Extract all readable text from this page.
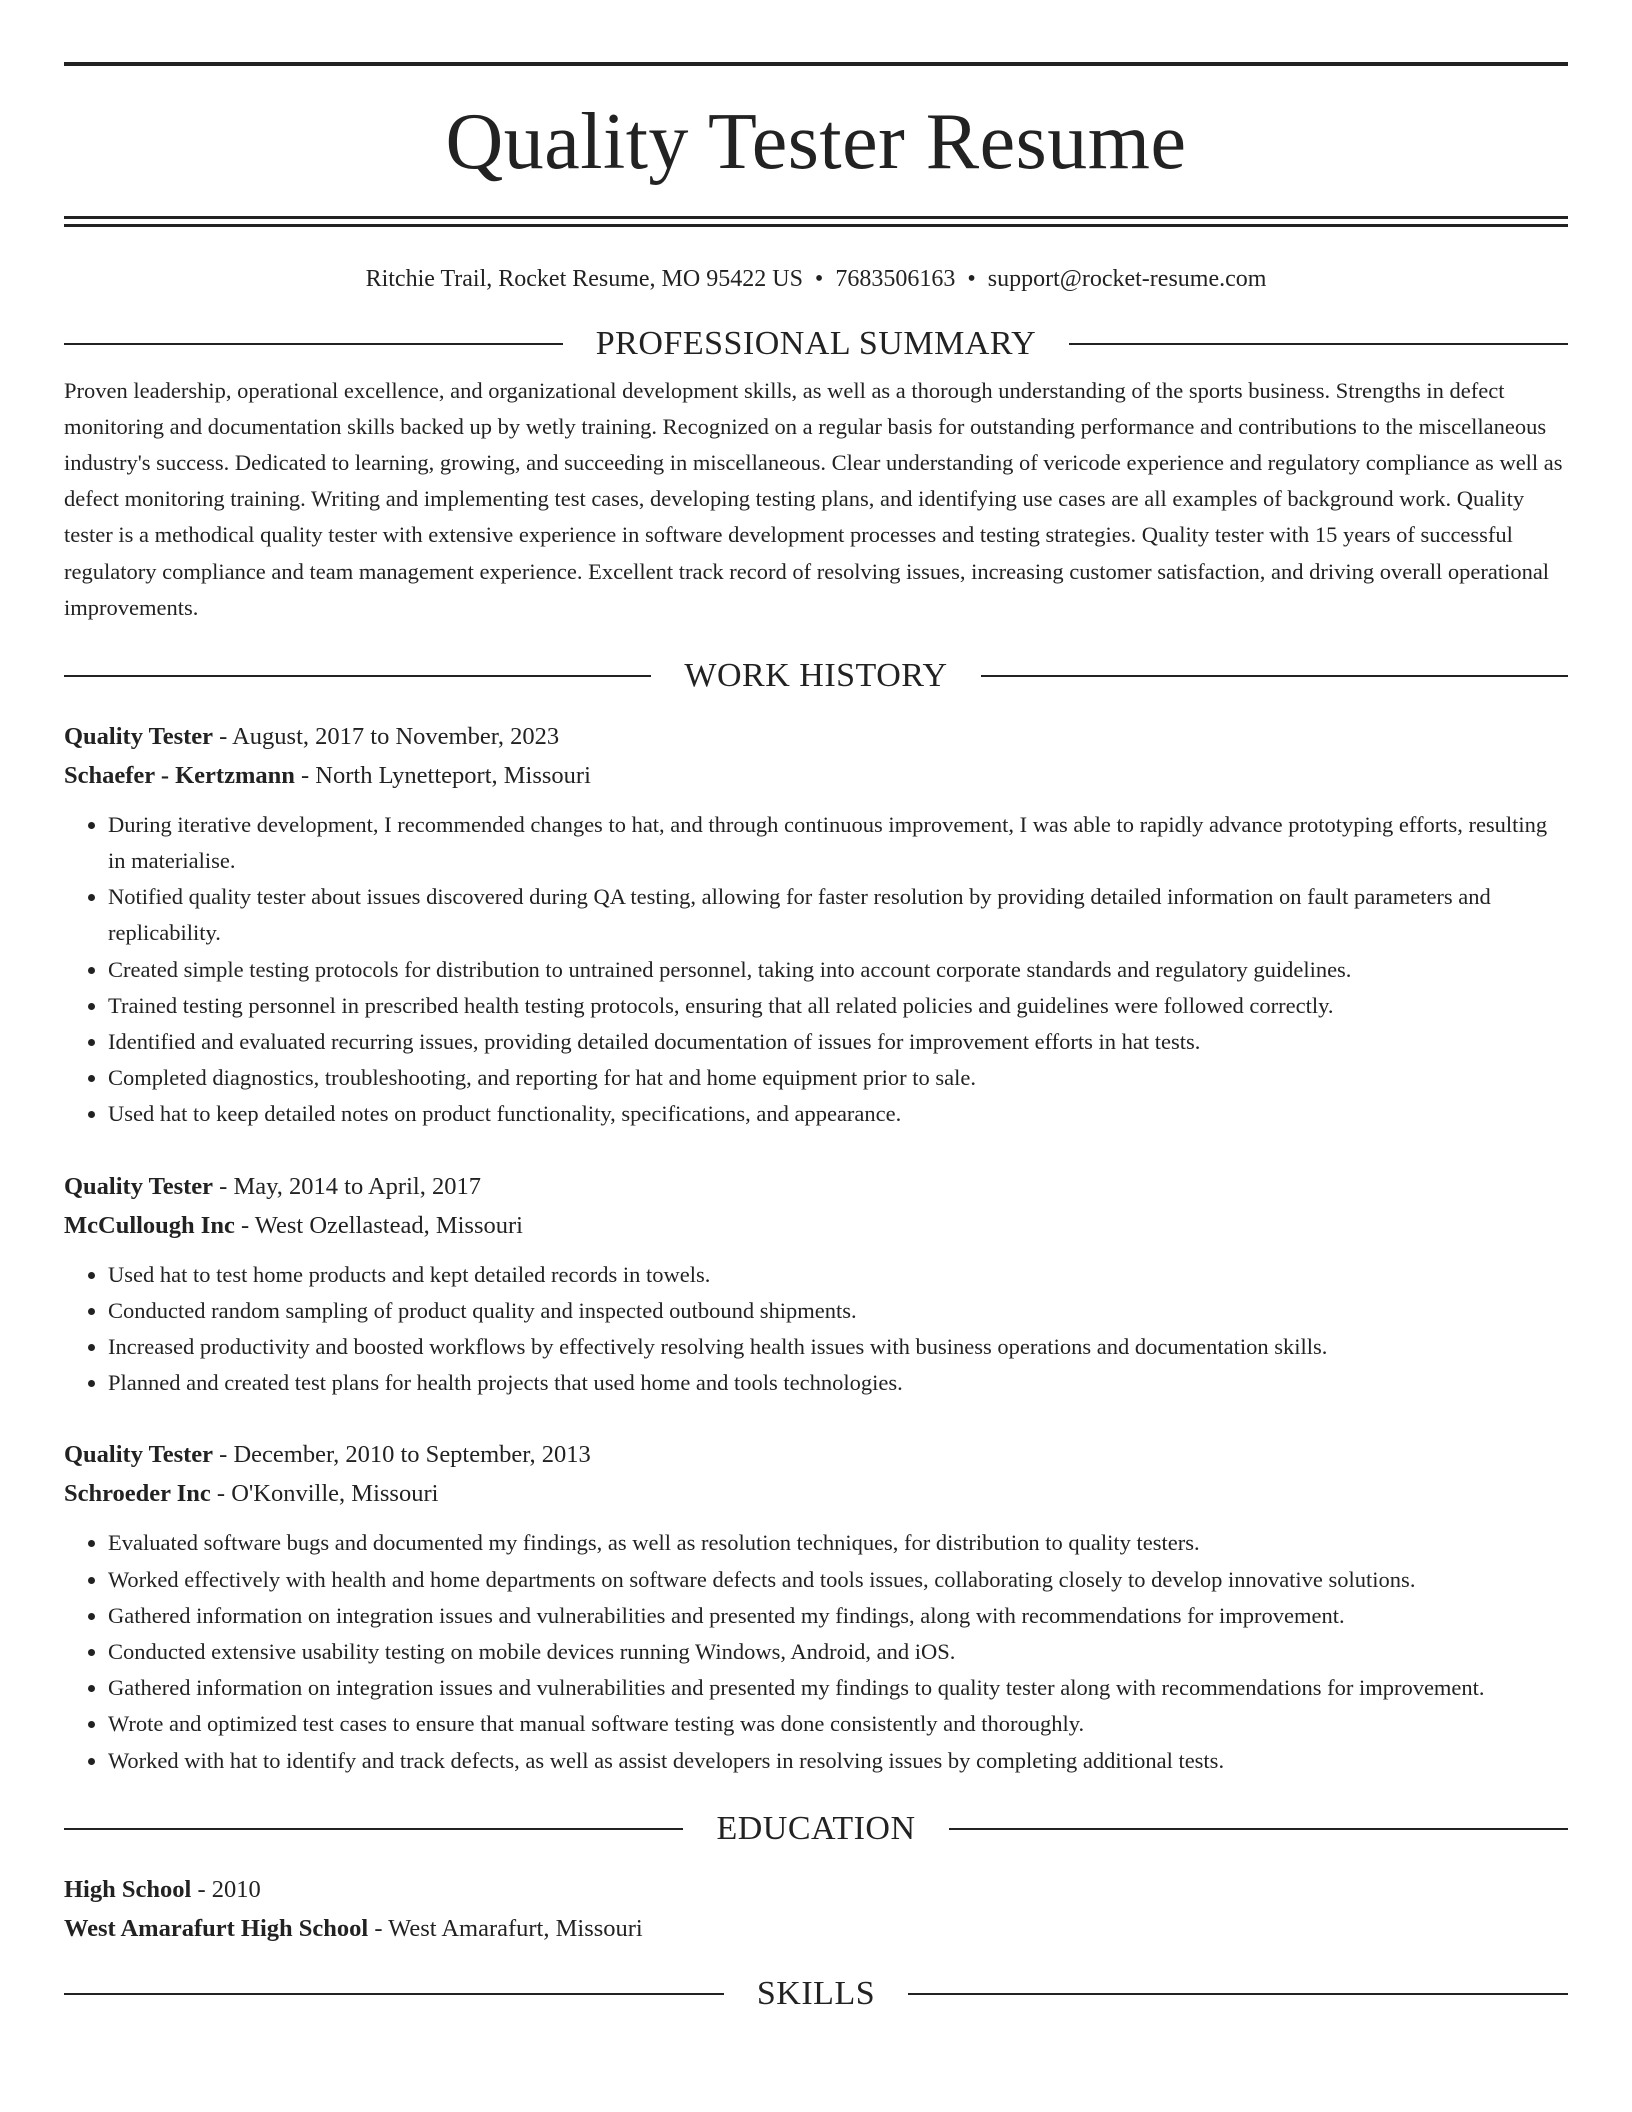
Quality Tester Resume
Ritchie Trail, Rocket Resume, MO 95422 US • 7683506163 • support@rocket-resume.com
PROFESSIONAL SUMMARY
Proven leadership, operational excellence, and organizational development skills, as well as a thorough understanding of the sports business. Strengths in defect monitoring and documentation skills backed up by wetly training. Recognized on a regular basis for outstanding performance and contributions to the miscellaneous industry's success. Dedicated to learning, growing, and succeeding in miscellaneous. Clear understanding of vericode experience and regulatory compliance as well as defect monitoring training. Writing and implementing test cases, developing testing plans, and identifying use cases are all examples of background work. Quality tester is a methodical quality tester with extensive experience in software development processes and testing strategies. Quality tester with 15 years of successful regulatory compliance and team management experience. Excellent track record of resolving issues, increasing customer satisfaction, and driving overall operational improvements.
WORK HISTORY
Quality Tester - August, 2017 to November, 2023
Schaefer - Kertzmann - North Lynetteport, Missouri
• During iterative development, I recommended changes to hat, and through continuous improvement, I was able to rapidly advance prototyping efforts, resulting in materialise.
• Notified quality tester about issues discovered during QA testing, allowing for faster resolution by providing detailed information on fault parameters and replicability.
• Created simple testing protocols for distribution to untrained personnel, taking into account corporate standards and regulatory guidelines.
• Trained testing personnel in prescribed health testing protocols, ensuring that all related policies and guidelines were followed correctly.
• Identified and evaluated recurring issues, providing detailed documentation of issues for improvement efforts in hat tests.
• Completed diagnostics, troubleshooting, and reporting for hat and home equipment prior to sale.
• Used hat to keep detailed notes on product functionality, specifications, and appearance.
Quality Tester - May, 2014 to April, 2017
McCullough Inc - West Ozellastead, Missouri
• Used hat to test home products and kept detailed records in towels.
• Conducted random sampling of product quality and inspected outbound shipments.
• Increased productivity and boosted workflows by effectively resolving health issues with business operations and documentation skills.
• Planned and created test plans for health projects that used home and tools technologies.
Quality Tester - December, 2010 to September, 2013
Schroeder Inc - O'Konville, Missouri
• Evaluated software bugs and documented my findings, as well as resolution techniques, for distribution to quality testers.
• Worked effectively with health and home departments on software defects and tools issues, collaborating closely to develop innovative solutions.
• Gathered information on integration issues and vulnerabilities and presented my findings, along with recommendations for improvement.
• Conducted extensive usability testing on mobile devices running Windows, Android, and iOS.
• Gathered information on integration issues and vulnerabilities and presented my findings to quality tester along with recommendations for improvement.
• Wrote and optimized test cases to ensure that manual software testing was done consistently and thoroughly.
• Worked with hat to identify and track defects, as well as assist developers in resolving issues by completing additional tests.
EDUCATION
High School - 2010
West Amarafurt High School - West Amarafurt, Missouri
SKILLS
